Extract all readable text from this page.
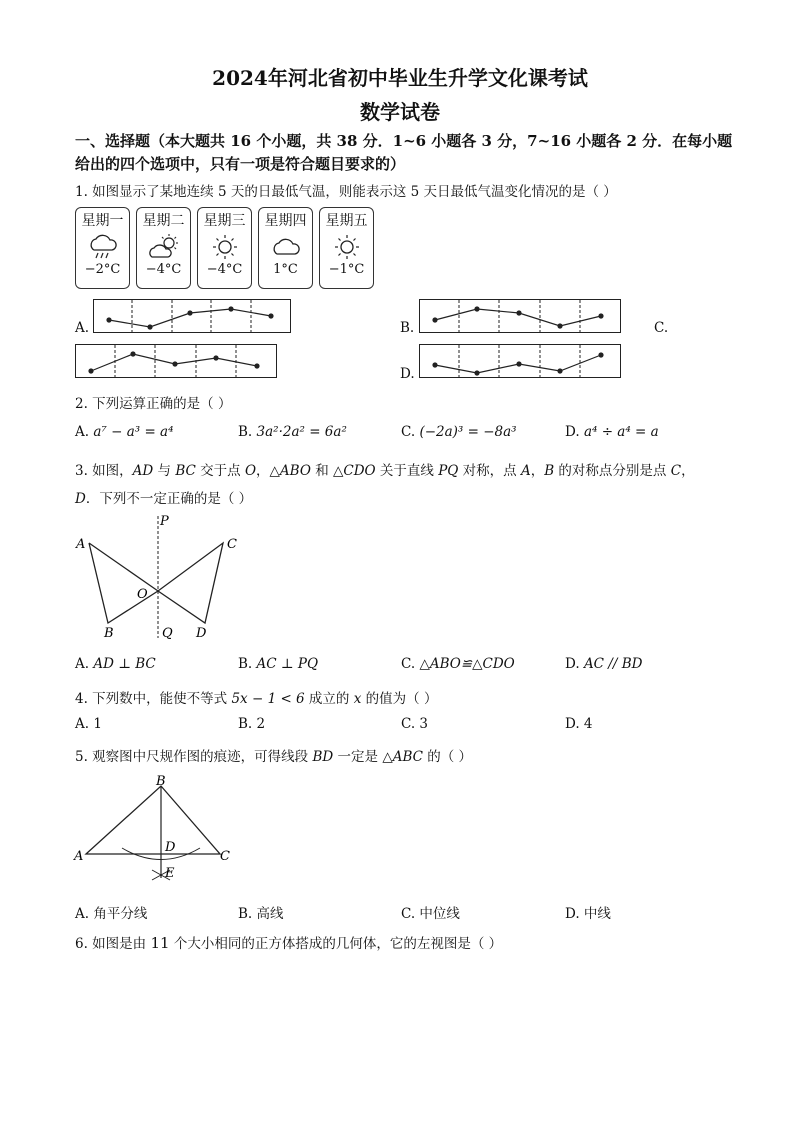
2024年河北省初中毕业生升学文化课考试
数学试卷
一、选择题（本大题共 16 个小题，共 38 分．1~6 小题各 3 分，7~16 小题各 2 分．在每小题
给出的四个选项中，只有一项是符合题目要求的）
1. 如图显示了某地连续 5 天的日最低气温，则能表示这 5 天日最低气温变化情况的是（ ）
星期一
−2°C
星期二
−4°C
星期三
−4°C
星期四
1°C
星期五
−1°C
A.	B.	C.
D.
2. 下列运算正确的是（ ）
A. a⁷ − a³ = a⁴	B. 3a²·2a² = 6a²	C. (−2a)³ = −8a³	D. a⁴ ÷ a⁴ = a
3. 如图，AD 与 BC 交于点 O，△ABO 和 △CDO 关于直线 PQ 对称，点 A，B 的对称点分别是点 C，
D．下列不一定正确的是（ ）
P
A	C
O
B	Q D
A. AD ⊥ BC	B. AC ⊥ PQ	C. △ABO≌△CDO	D. AC // BD
4. 下列数中，能使不等式 5x − 1 < 6 成立的 x 的值为（ ）
A. 1	B. 2	C. 3	D. 4
5. 观察图中尺规作图的痕迹，可得线段 BD 一定是 △ABC 的（ ）
B
A
D
C
E
A. 角平分线	B. 高线	C. 中位线	D. 中线
6. 如图是由 11 个大小相同的正方体搭成的几何体，它的左视图是（ ）
